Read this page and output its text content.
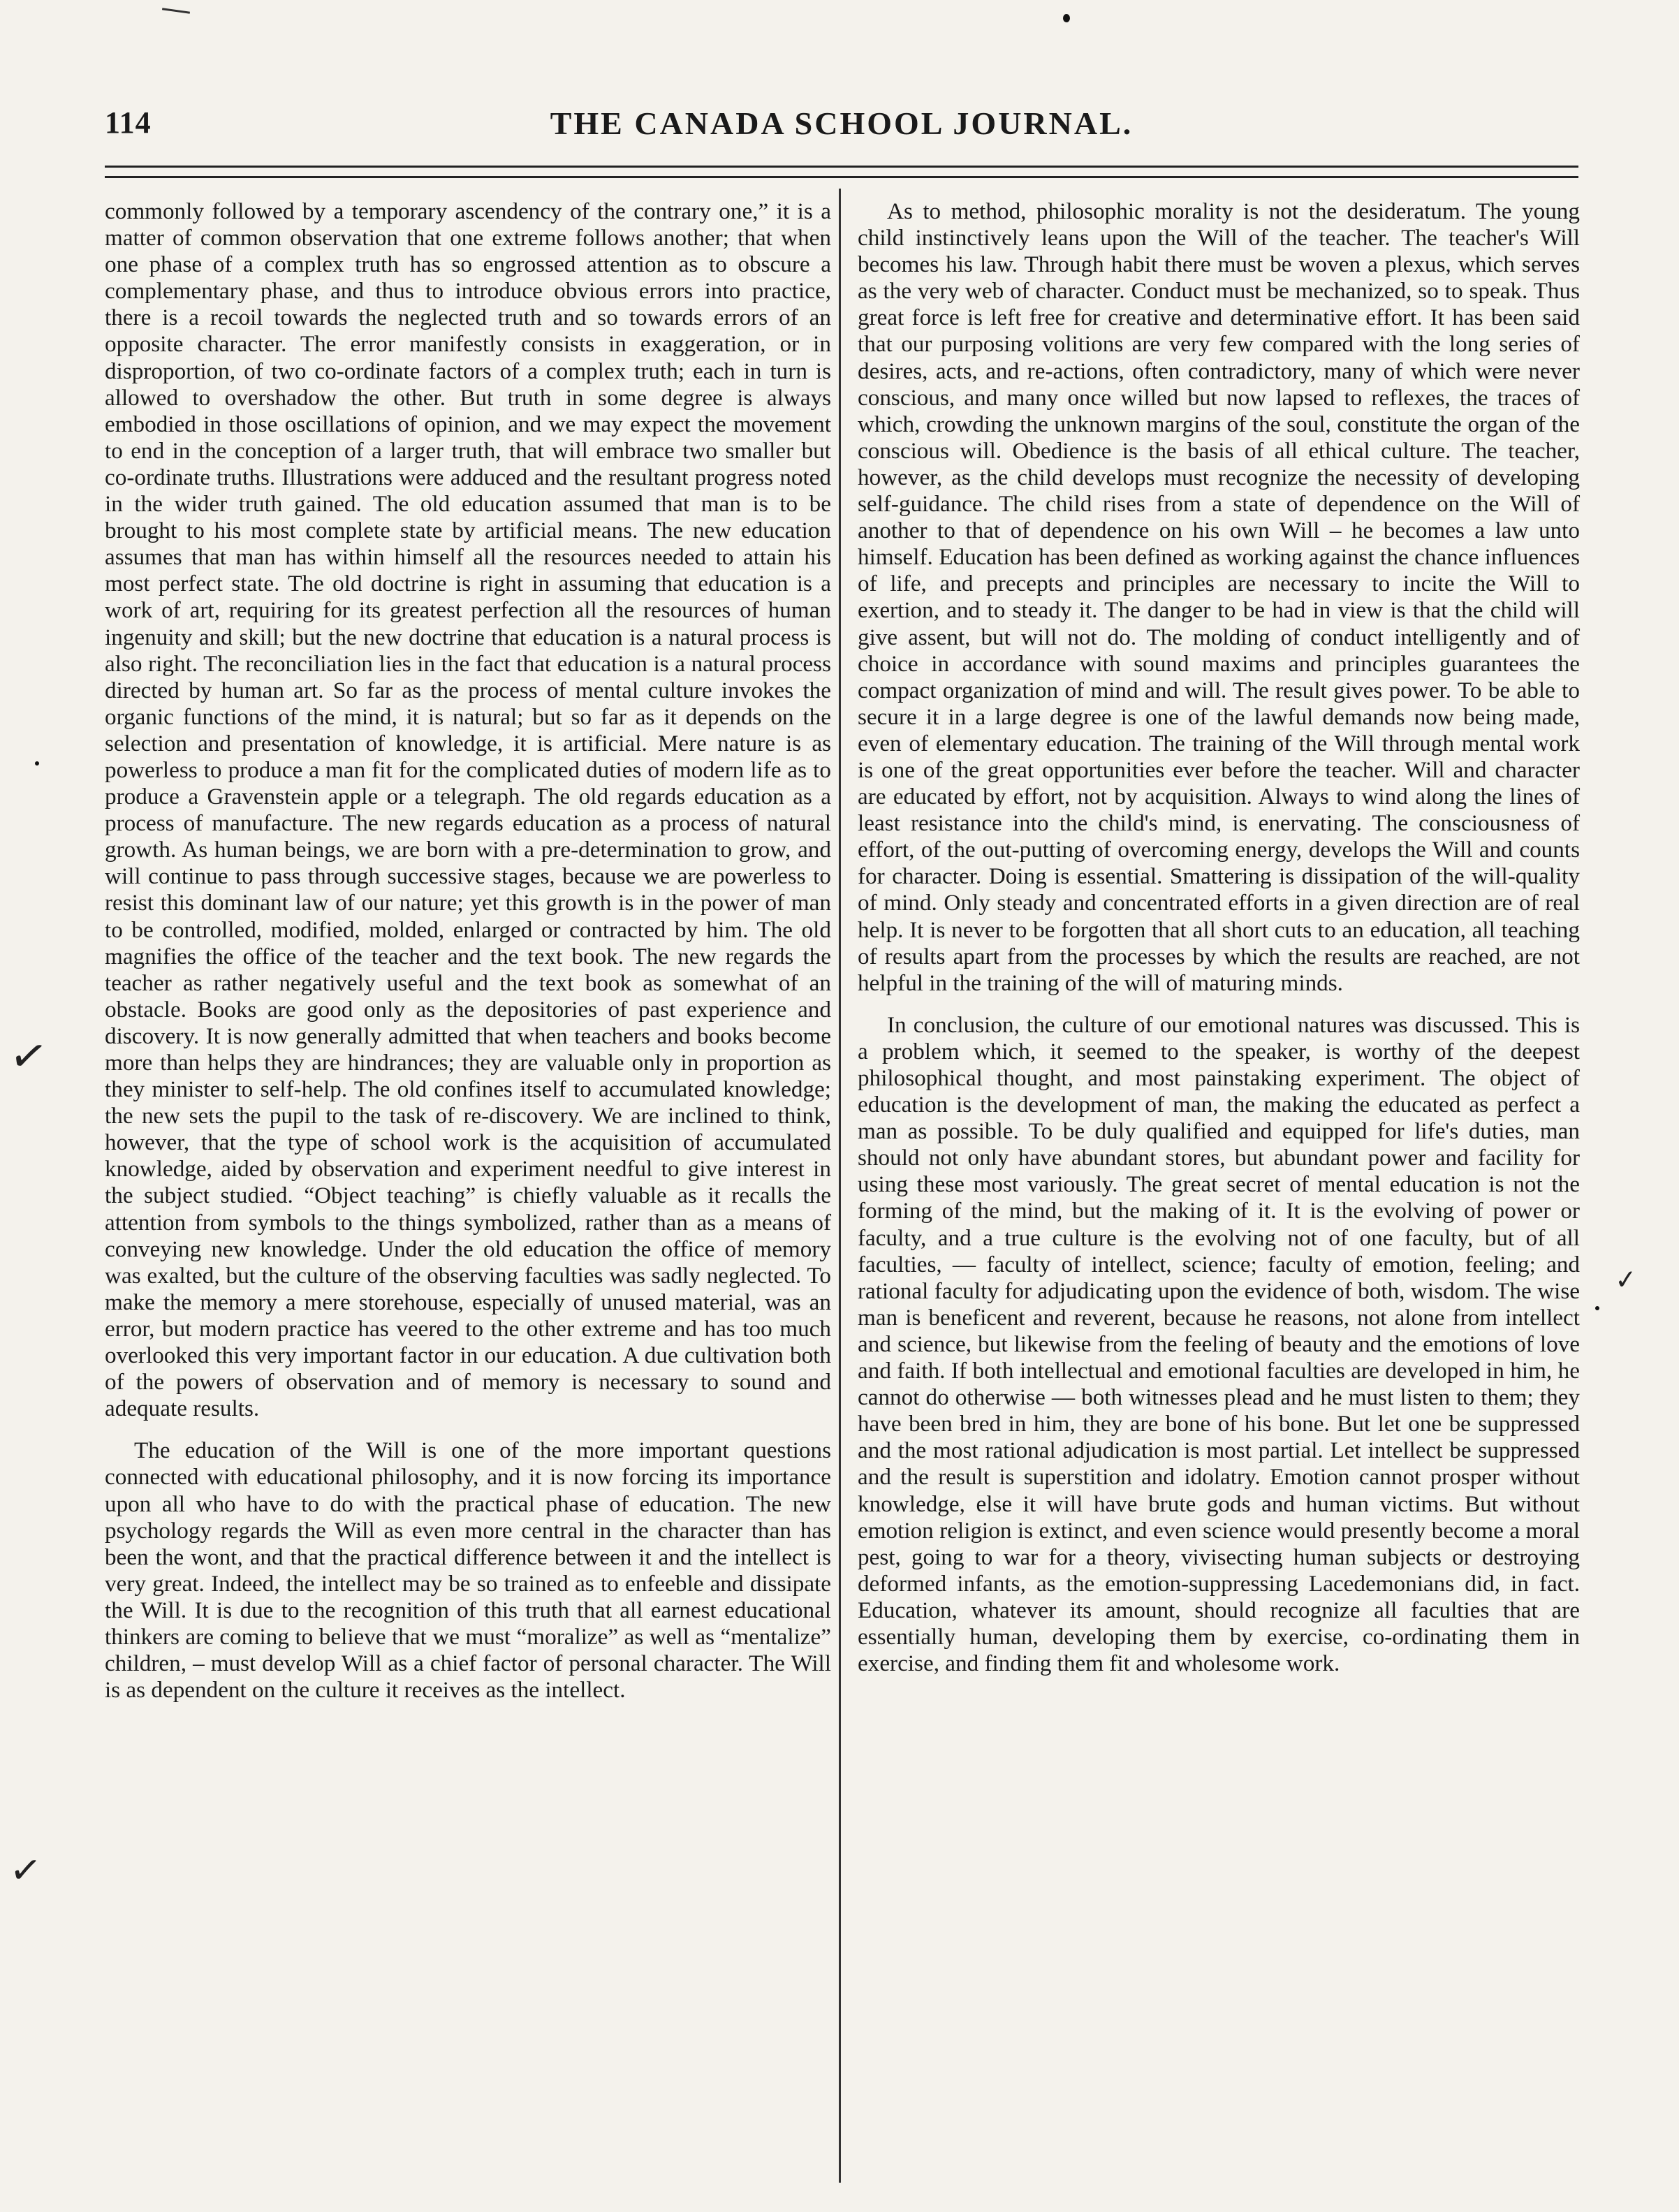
114	THE CANADA SCHOOL JOURNAL.

commonly followed by a temporary ascendency of the contrary one,” it is a matter of common observation that one extreme follows another; that when one phase of a complex truth has so engrossed attention as to obscure a complementary phase, and thus to introduce obvious errors into practice, there is a recoil towards the neglected truth and so towards errors of an opposite character. The error manifestly consists in exaggeration, or in disproportion, of two co-ordinate factors of a complex truth; each in turn is allowed to overshadow the other. But truth in some degree is always embodied in those oscillations of opinion, and we may expect the movement to end in the conception of a larger truth, that will embrace two smaller but co-ordinate truths. Illustrations were adduced and the resultant progress noted in the wider truth gained. The old education assumed that man is to be brought to his most complete state by artificial means. The new education assumes that man has within himself all the resources needed to attain his most perfect state. The old doctrine is right in assuming that education is a work of art, requiring for its greatest perfection all the resources of human ingenuity and skill; but the new doctrine that education is a natural process is also right. The reconciliation lies in the fact that education is a natural process directed by human art. So far as the process of mental culture invokes the organic functions of the mind, it is natural; but so far as it depends on the selection and presentation of knowledge, it is artificial. Mere nature is as powerless to produce a man fit for the complicated duties of modern life as to produce a Gravenstein apple or a telegraph. The old regards education as a process of manufacture. The new regards education as a process of natural growth. As human beings, we are born with a pre-determination to grow, and will continue to pass through successive stages, because we are powerless to resist this dominant law of our nature; yet this growth is in the power of man to be controlled, modified, molded, enlarged or contracted by him. The old magnifies the office of the teacher and the text book. The new regards the teacher as rather negatively useful and the text book as somewhat of an obstacle. Books are good only as the depositories of past experience and discovery. It is now generally admitted that when teachers and books become more than helps they are hindrances; they are valuable only in proportion as they minister to self-help. The old confines itself to accumulated knowledge; the new sets the pupil to the task of re-discovery. We are inclined to think, however, that the type of school work is the acquisition of accumulated knowledge, aided by observation and experiment needful to give interest in the subject studied. “Object teaching” is chiefly valuable as it recalls the attention from symbols to the things symbolized, rather than as a means of conveying new knowledge. Under the old education the office of memory was exalted, but the culture of the observing faculties was sadly neglected. To make the memory a mere storehouse, especially of unused material, was an error, but modern practice has veered to the other extreme and has too much overlooked this very important factor in our education. A due cultivation both of the powers of observation and of memory is necessary to sound and adequate results.

The education of the Will is one of the more important questions connected with educational philosophy, and it is now forcing its importance upon all who have to do with the practical phase of education. The new psychology regards the Will as even more central in the character than has been the wont, and that the practical difference between it and the intellect is very great. Indeed, the intellect may be so trained as to enfeeble and dissipate the Will. It is due to the recognition of this truth that all earnest educational thinkers are coming to believe that we must “moralize” as well as “mentalize” children, – must develop Will as a chief factor of personal character. The Will is as dependent on the culture it receives as the intellect.

As to method, philosophic morality is not the desideratum. The young child instinctively leans upon the Will of the teacher. The teacher's Will becomes his law. Through habit there must be woven a plexus, which serves as the very web of character. Conduct must be mechanized, so to speak. Thus great force is left free for creative and determinative effort. It has been said that our purposing volitions are very few compared with the long series of desires, acts, and re-actions, often contradictory, many of which were never conscious, and many once willed but now lapsed to reflexes, the traces of which, crowding the unknown margins of the soul, constitute the organ of the conscious will. Obedience is the basis of all ethical culture. The teacher, however, as the child develops must recognize the necessity of developing self-guidance. The child rises from a state of dependence on the Will of another to that of dependence on his own Will – he becomes a law unto himself. Education has been defined as working against the chance influences of life, and precepts and principles are necessary to incite the Will to exertion, and to steady it. The danger to be had in view is that the child will give assent, but will not do. The molding of conduct intelligently and of choice in accordance with sound maxims and principles guarantees the compact organization of mind and will. The result gives power. To be able to secure it in a large degree is one of the lawful demands now being made, even of elementary education. The training of the Will through mental work is one of the great opportunities ever before the teacher. Will and character are educated by effort, not by acquisition. Always to wind along the lines of least resistance into the child's mind, is enervating. The consciousness of effort, of the out-putting of overcoming energy, develops the Will and counts for character. Doing is essential. Smattering is dissipation of the will-quality of mind. Only steady and concentrated efforts in a given direction are of real help. It is never to be forgotten that all short cuts to an education, all teaching of results apart from the processes by which the results are reached, are not helpful in the training of the will of maturing minds.

In conclusion, the culture of our emotional natures was discussed. This is a problem which, it seemed to the speaker, is worthy of the deepest philosophical thought, and most painstaking experiment. The object of education is the development of man, the making the educated as perfect a man as possible. To be duly qualified and equipped for life's duties, man should not only have abundant stores, but abundant power and facility for using these most variously. The great secret of mental education is not the forming of the mind, but the making of it. It is the evolving of power or faculty, and a true culture is the evolving not of one faculty, but of all faculties, — faculty of intellect, science; faculty of emotion, feeling; and rational faculty for adjudicating upon the evidence of both, wisdom. The wise man is beneficent and reverent, because he reasons, not alone from intellect and science, but likewise from the feeling of beauty and the emotions of love and faith. If both intellectual and emotional faculties are developed in him, he cannot do otherwise — both witnesses plead and he must listen to them; they have been bred in him, they are bone of his bone. But let one be suppressed and the most rational adjudication is most partial. Let intellect be suppressed and the result is superstition and idolatry. Emotion cannot prosper without knowledge, else it will have brute gods and human victims. But without emotion religion is extinct, and even science would presently become a moral pest, going to war for a theory, vivisecting human subjects or destroying deformed infants, as the emotion-suppressing Lacedemonians did, in fact. Education, whatever its amount, should recognize all faculties that are essentially human, developing them by exercise, co-ordinating them in exercise, and finding them fit and wholesome work.

✓
✓
✓
